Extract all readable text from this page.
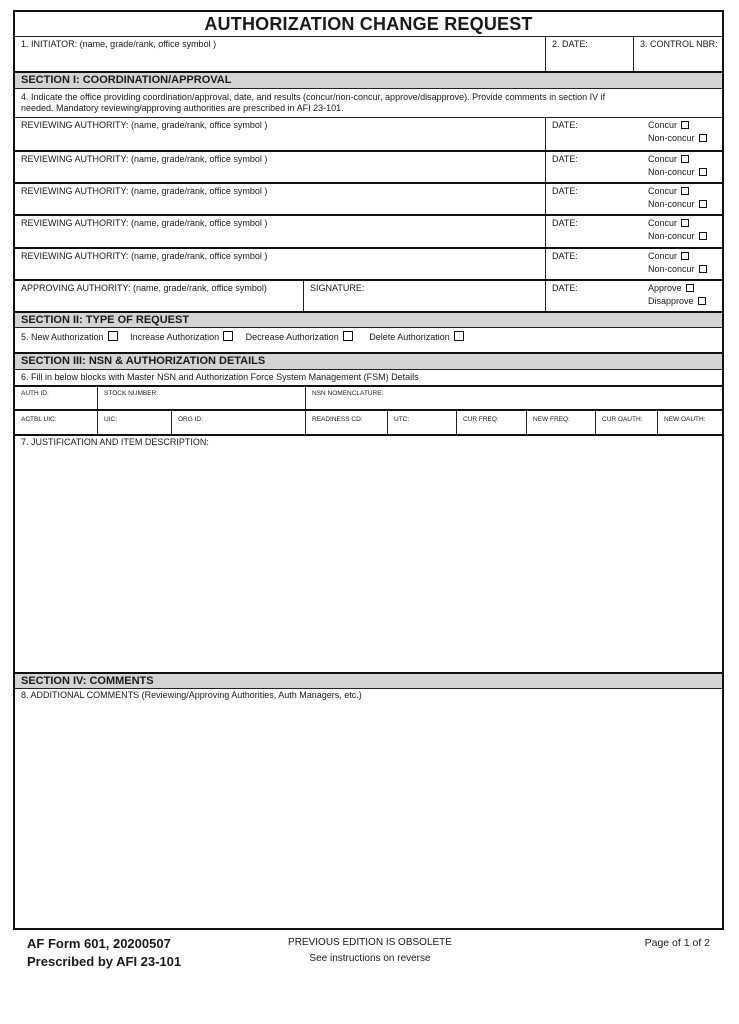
AUTHORIZATION CHANGE REQUEST
1. INITIATOR: (name, grade/rank, office symbol )	2. DATE:	3. CONTROL NBR:
SECTION I: COORDINATION/APPROVAL
4. Indicate the office providing coordination/approval, date, and results (concur/non-concur, approve/disapprove). Provide comments in section IV if
needed. Mandatory reviewing/approving authorities are prescribed in AFI 23-101.
REVIEWING AUTHORITY: (name, grade/rank, office symbol )	DATE:	Concur
Non-concur
REVIEWING AUTHORITY: (name, grade/rank, office symbol )	DATE:	Concur
Non-concur
REVIEWING AUTHORITY: (name, grade/rank, office symbol )	DATE:	Concur
Non-concur
REVIEWING AUTHORITY: (name, grade/rank, office symbol )	DATE:	Concur
Non-concur
REVIEWING AUTHORITY: (name, grade/rank, office symbol )	DATE:	Concur
Non-concur
APPROVING AUTHORITY: (name, grade/rank, office symbol)	SIGNATURE:	DATE:	Approve
Disapprove
SECTION II: TYPE OF REQUEST
5. New Authorization	Increase Authorization	Decrease Authorization	Delete Authorization
SECTION III: NSN & AUTHORIZATION DETAILS
6. Fill in below blocks with Master NSN and Authorization Force System Management (FSM) Details
AUTH ID:	STOCK NUMBER:	NSN NOMENCLATURE:
ACTBL UIC:	UIC:	ORG ID:	READINESS CD:	UTC:	CUR FREQ:	NEW FREQ:	CUR OAUTH:	NEW OAUTH:
7. JUSTIFICATION AND ITEM DESCRIPTION:
SECTION IV: COMMENTS
8. ADDITIONAL COMMENTS (Reviewing/Approving Authorities, Auth Managers, etc.)
AF Form 601, 20200507
Prescribed by AFI 23-101
PREVIOUS EDITION IS OBSOLETE
See instructions on reverse
Page of 1 of 2
